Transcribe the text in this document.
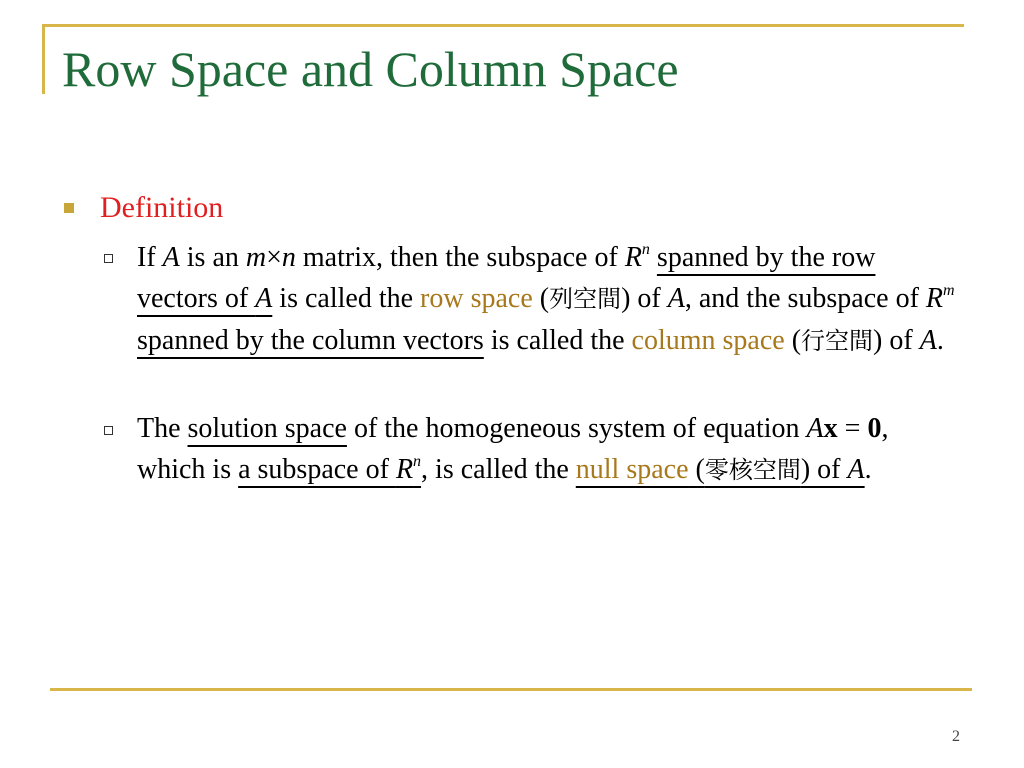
Row Space and Column Space
Definition
If A is an m×n matrix, then the subspace of $R^n$ spanned by the row vectors of A is called the row space (列空間) of A, and the subspace of $R^m$ spanned by the column vectors is called the column space (行空間) of A.
The solution space of the homogeneous system of equation Ax = 0, which is a subspace of $R^n$, is called the null space (零核空間) of A.
2
